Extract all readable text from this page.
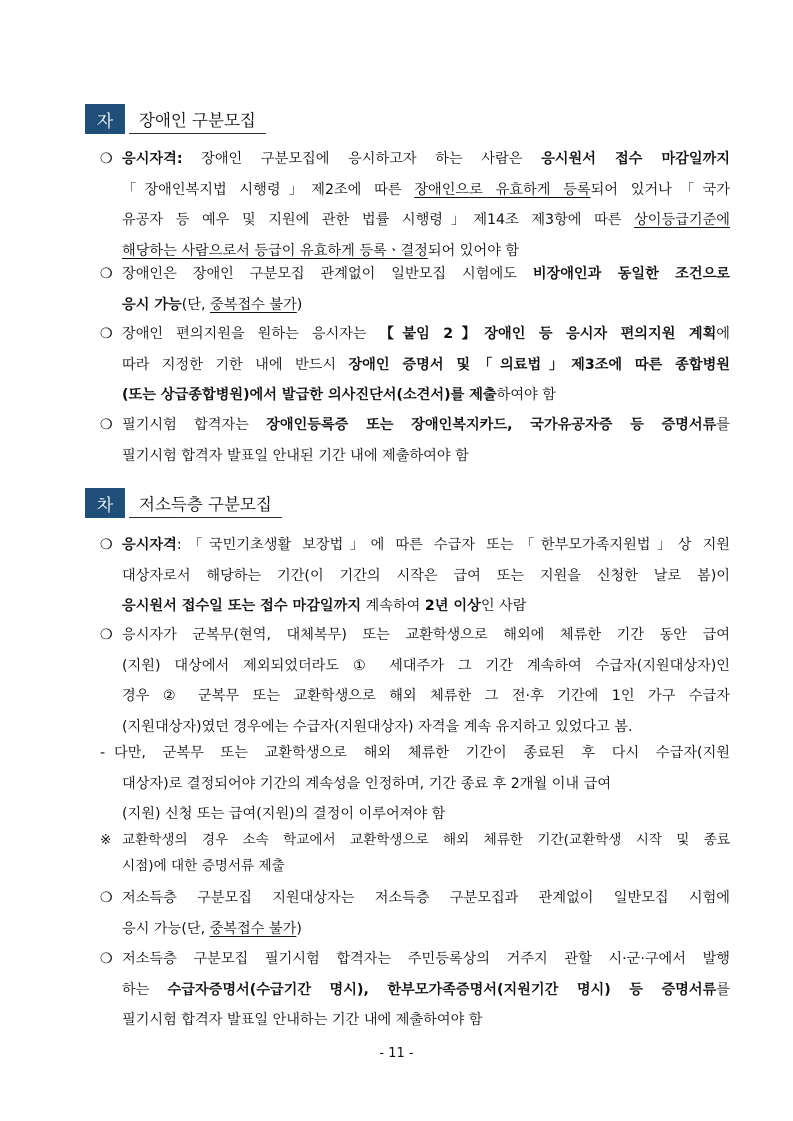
자	장애인 구분모집
❍ 응시자격: 장애인 구분모집에 응시하고자 하는 사람은 응시원서 접수 마감일까지
「장애인복지법 시행령」제2조에 따른 장애인으로 유효하게 등록되어 있거나「국가
유공자 등 예우 및 지원에 관한 법률 시행령」제14조 제3항에 따른 상이등급기준에
해당하는 사람으로서 등급이 유효하게 등록ㆍ결정되어 있어야 함
❍ 장애인은 장애인 구분모집 관계없이 일반모집 시험에도 비장애인과 동일한 조건으로
응시 가능(단, 중복접수 불가)
❍ 장애인 편의지원을 원하는 응시자는 【붙임 2】장애인 등 응시자 편의지원 계획에
따라 지정한 기한 내에 반드시 장애인 증명서 및「의료법」제3조에 따른 종합병원
(또는 상급종합병원)에서 발급한 의사진단서(소견서)를 제출하여야 함
❍ 필기시험 합격자는 장애인등록증 또는 장애인복지카드, 국가유공자증 등 증명서류를
필기시험 합격자 발표일 안내된 기간 내에 제출하여야 함
차	저소득층 구분모집
❍ 응시자격:「국민기초생활 보장법」에 따른 수급자 또는「한부모가족지원법」상 지원
대상자로서 해당하는 기간(이 기간의 시작은 급여 또는 지원을 신청한 날로 봄)이
응시원서 접수일 또는 접수 마감일까지 계속하여 2년 이상인 사람
❍ 응시자가 군복무(현역, 대체복무) 또는 교환학생으로 해외에 체류한 기간 동안 급여
(지원) 대상에서 제외되었더라도 ① 세대주가 그 기간 계속하여 수급자(지원대상자)인
경우 ② 군복무 또는 교환학생으로 해외 체류한 그 전·후 기간에 1인 가구 수급자
(지원대상자)였던 경우에는 수급자(지원대상자) 자격을 계속 유지하고 있었다고 봄.
- 다만, 군복무 또는 교환학생으로 해외 체류한 기간이 종료된 후 다시 수급자(지원
대상자)로 결정되어야 기간의 계속성을 인정하며, 기간 종료 후 2개월 이내 급여
(지원) 신청 또는 급여(지원)의 결정이 이루어져야 함
※ 교환학생의 경우 소속 학교에서 교환학생으로 해외 체류한 기간(교환학생 시작 및 종료
시점)에 대한 증명서류 제출
❍ 저소득층 구분모집 지원대상자는 저소득층 구분모집과 관계없이 일반모집 시험에
응시 가능(단, 중복접수 불가)
❍ 저소득층 구분모집 필기시험 합격자는 주민등록상의 거주지 관할 시·군·구에서 발행
하는 수급자증명서(수급기간 명시), 한부모가족증명서(지원기간 명시) 등 증명서류를
필기시험 합격자 발표일 안내하는 기간 내에 제출하여야 함
- 11 -
